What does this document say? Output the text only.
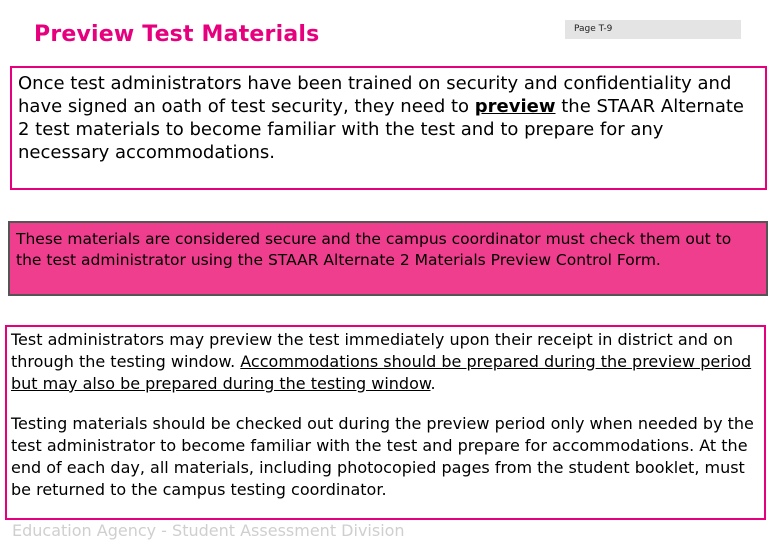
Preview Test Materials	Page T-9
Once test administrators have been trained on security and confidentiality and have signed an oath of test security, they need to preview the STAAR Alternate 2 test materials to become familiar with the test and to prepare for any necessary accommodations.
These materials are considered secure and the campus coordinator must check them out to the test administrator using the STAAR Alternate 2 Materials Preview Control Form.

Test administrators may preview the test immediately upon their receipt in district and on through the testing window. Accommodations should be prepared during the preview period but may also be prepared during the testing window.

Testing materials should be checked out during the preview period only when needed by the test administrator to become familiar with the test and prepare for accommodations. At the end of each day, all materials, including photocopied pages from the student booklet, must be returned to the campus testing coordinator.

Education Agency - Student Assessment Division
